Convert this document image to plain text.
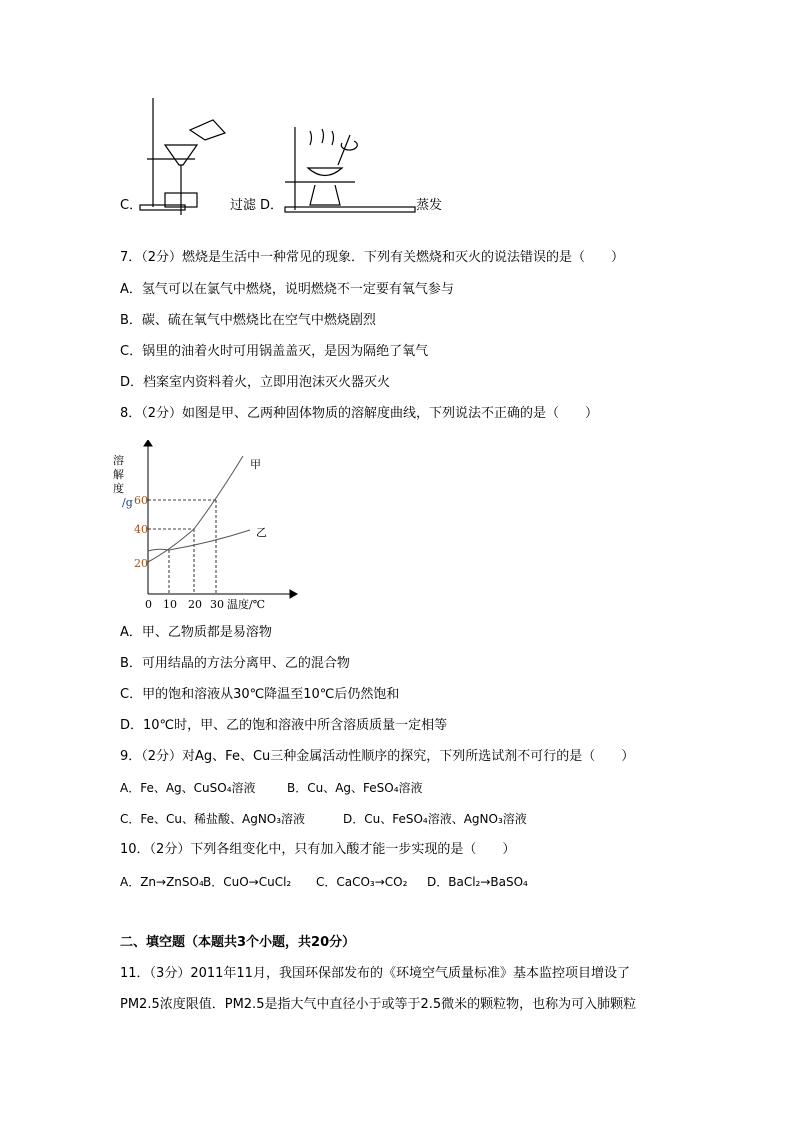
C．	过滤 D．	蒸发
7．（2分）燃烧是生活中一种常见的现象．下列有关燃烧和灭火的说法错误的是（　　）
A．氢气可以在氯气中燃烧，说明燃烧不一定要有氧气参与
B．碳、硫在氧气中燃烧比在空气中燃烧剧烈
C．锅里的油着火时可用锅盖盖灭，是因为隔绝了氧气
D．档案室内资料着火，立即用泡沫灭火器灭火
8．（2分）如图是甲、乙两种固体物质的溶解度曲线，下列说法不正确的是（　　）
溶
解
度
/g 60
40
20
0 10 20 30 温度/℃
甲
乙
A．甲、乙物质都是易溶物
B．可用结晶的方法分离甲、乙的混合物
C．甲的饱和溶液从30℃降温至10℃后仍然饱和
D．10℃时，甲、乙的饱和溶液中所含溶质质量一定相等
9．（2分）对Ag、Fe、Cu三种金属活动性顺序的探究，下列所选试剂不可行的是（　　）
A．Fe、Ag、CuSO₄溶液	B．Cu、Ag、FeSO₄溶液
C．Fe、Cu、稀盐酸、AgNO₃溶液	D．Cu、FeSO₄溶液、AgNO₃溶液
10．（2分）下列各组变化中，只有加入酸才能一步实现的是（　　）
A．Zn→ZnSO₄ B．CuO→CuCl₂ C．CaCO₃→CO₂ D．BaCl₂→BaSO₄
二、填空题（本题共3个小题，共20分）
11．（3分）2011年11月，我国环保部发布的《环境空气质量标准》基本监控项目增设了
PM2.5浓度限值．PM2.5是指大气中直径小于或等于2.5微米的颗粒物，也称为可入肺颗粒
